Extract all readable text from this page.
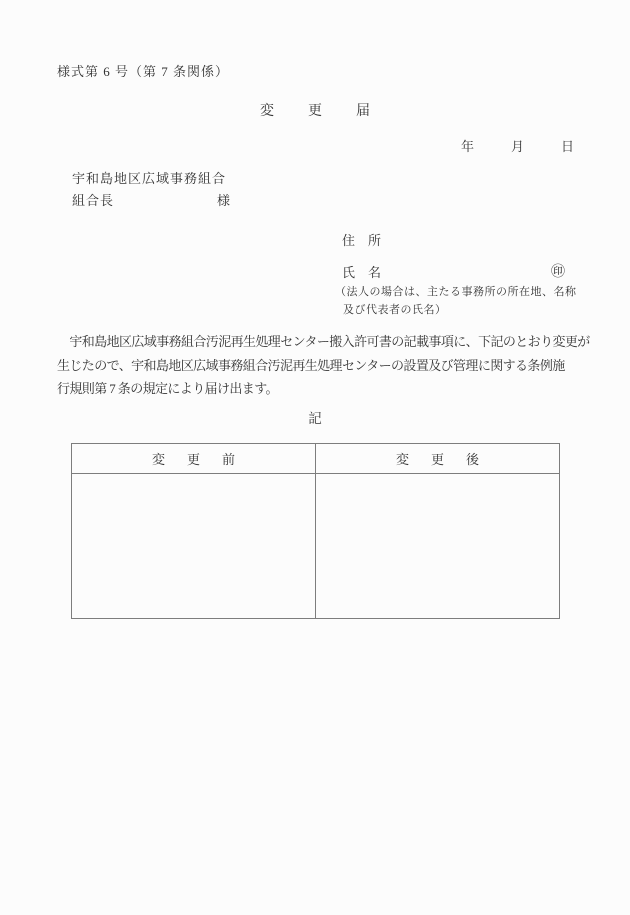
様式第 6 号（第 7 条関係）
変更届
年	月	日
宇和島地区広域事務組合
組合長	様
住所
氏名	㊞
（法人の場合は、主たる事務所の所在地、名称
及び代表者の氏名）
　宇和島地区広域事務組合汚泥再生処理センター搬入許可書の記載事項に、下記のとおり変更が
生じたので、宇和島地区広域事務組合汚泥再生処理センターの設置及び管理に関する条例施
行規則第 7 条の規定により届け出ます。
記
変更前	変更後
